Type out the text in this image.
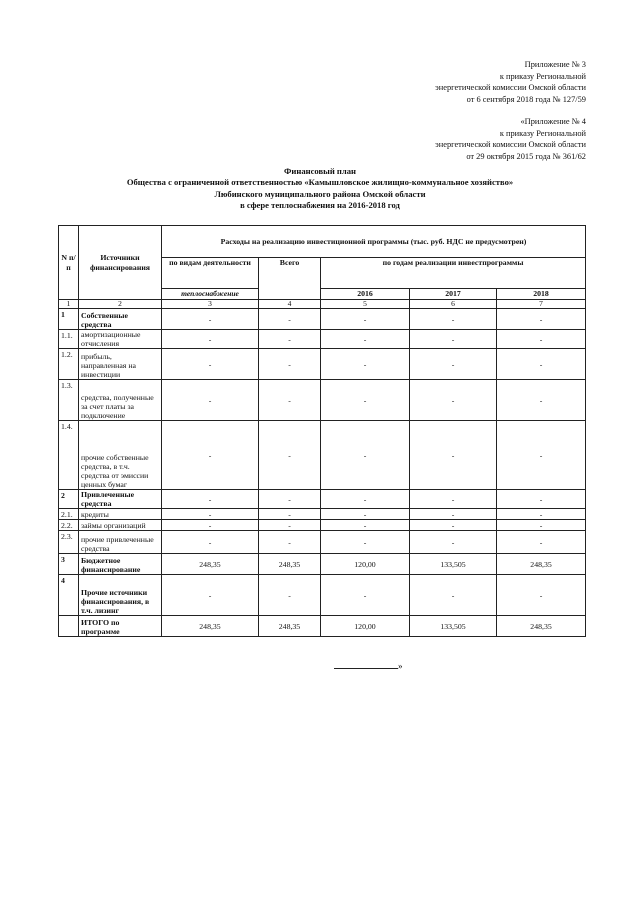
Приложение № 3
к приказу Региональной
энергетической комиссии Омской области
от 6 сентября 2018 года № 127/59
«Приложение № 4
к приказу Региональной
энергетической комиссии Омской области
от 29 октября 2015 года № 361/62
Финансовый план
Общества с ограниченной ответственностью «Камышловское жилищно-коммунальное хозяйство»
Любинского муниципального района Омской области
в сфере теплоснабжения на 2016-2018 год
N п/п	Источники финансирования	Расходы на реализацию инвестиционной программы (тыс. руб. НДС не предусмотрен)				
		по видам деятельности	Всего	по годам реализации инвестпрограммы		
		теплоснабжение		2016	2017	2018
1	2	3	4	5	6	7
1	Собственные средства	-	-	-	-	-
1.1.	амортизационные отчисления	-	-	-	-	-
1.2.	прибыль, направленная на инвестиции	-	-	-	-	-
1.3.	средства, полученные за счет платы за подключение	-	-	-	-	-
1.4.	прочие собственные средства, в т.ч. средства от эмиссии ценных бумаг	-	-	-	-	-
2	Привлеченные средства	-	-	-	-	-
2.1.	кредиты	-	-	-	-	-
2.2.	займы организаций	-	-	-	-	-
2.3.	прочие привлеченные средства	-	-	-	-	-
3	Бюджетное финансирование	248,35	248,35	120,00	133,505	248,35
4	Прочие источники финансирования, в т.ч. лизинг	-	-	-	-	-
	ИТОГО по программе	248,35	248,35	120,00	133,505	248,35
»
